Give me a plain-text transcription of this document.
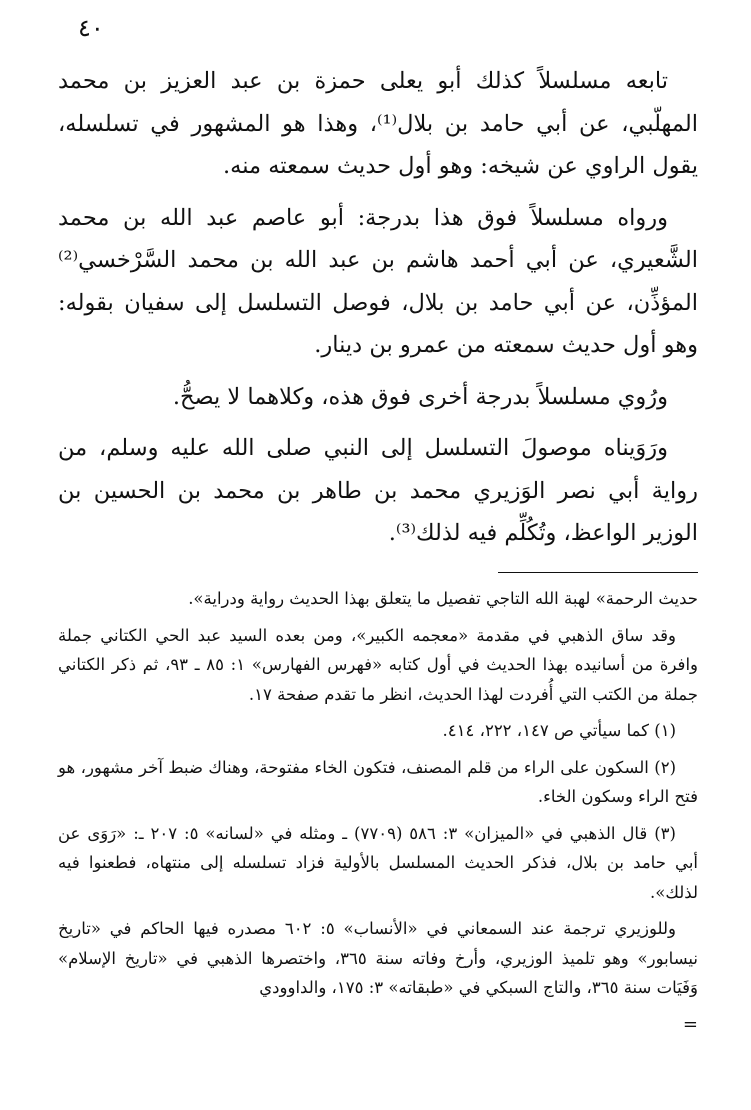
٤٠

تابعه مسلسلاً كذلك أبو يعلى حمزة بن عبد العزيز بن محمد المهلّبي، عن أبي حامد بن بلال⁽¹⁾، وهذا هو المشهور في تسلسله، يقول الراوي عن شيخه: وهو أول حديث سمعته منه.

ورواه مسلسلاً فوق هذا بدرجة: أبو عاصم عبد الله بن محمد الشَّعيري، عن أبي أحمد هاشم بن عبد الله بن محمد السَّرْخسي⁽²⁾ المؤذِّن، عن أبي حامد بن بلال، فوصل التسلسل إلى سفيان بقوله: وهو أول حديث سمعته من عمرو بن دينار.

ورُوي مسلسلاً بدرجة أخرى فوق هذه، وكلاهما لا يصحُّ.

ورَوَيناه موصولَ التسلسل إلى النبي صلى الله عليه وسلم، من رواية أبي نصر الوَزيري محمد بن طاهر بن محمد بن الحسين بن الوزير الواعظ، وتُكُلِّم فيه لذلك⁽³⁾.

حديث الرحمة» لهبة الله التاجي تفصيل ما يتعلق بهذا الحديث رواية ودراية».

وقد ساق الذهبي في مقدمة «معجمه الكبير»، ومن بعده السيد عبد الحي الكتاني جملة وافرة من أسانيده بهذا الحديث في أول كتابه «فهرس الفهارس» ١: ٨٥ ـ ٩٣، ثم ذكر الكتاني جملة من الكتب التي أُفردت لهذا الحديث، انظر ما تقدم صفحة ١٧.

(١) كما سيأتي ص ١٤٧، ٢٢٢، ٤١٤.

(٢) السكون على الراء من قلم المصنف، فتكون الخاء مفتوحة، وهناك ضبط آخر مشهور، هو فتح الراء وسكون الخاء.

(٣) قال الذهبي في «الميزان» ٣: ٥٨٦ (٧٧٠٩) ـ ومثله في «لسانه» ٥: ٢٠٧ ـ: «رَوَى عن أبي حامد بن بلال، فذكر الحديث المسلسل بالأولية فزاد تسلسله إلى منتهاه، فطعنوا فيه لذلك».

وللوزيري ترجمة عند السمعاني في «الأنساب» ٥: ٦٠٢ مصدره فيها الحاكم في «تاريخ نيسابور» وهو تلميذ الوزيري، وأرخ وفاته سنة ٣٦٥، واختصرها الذهبي في «تاريخ الإسلام» وَفَيَات سنة ٣٦٥، والتاج السبكي في «طبقاته» ٣: ١٧٥، والداوودي

=
